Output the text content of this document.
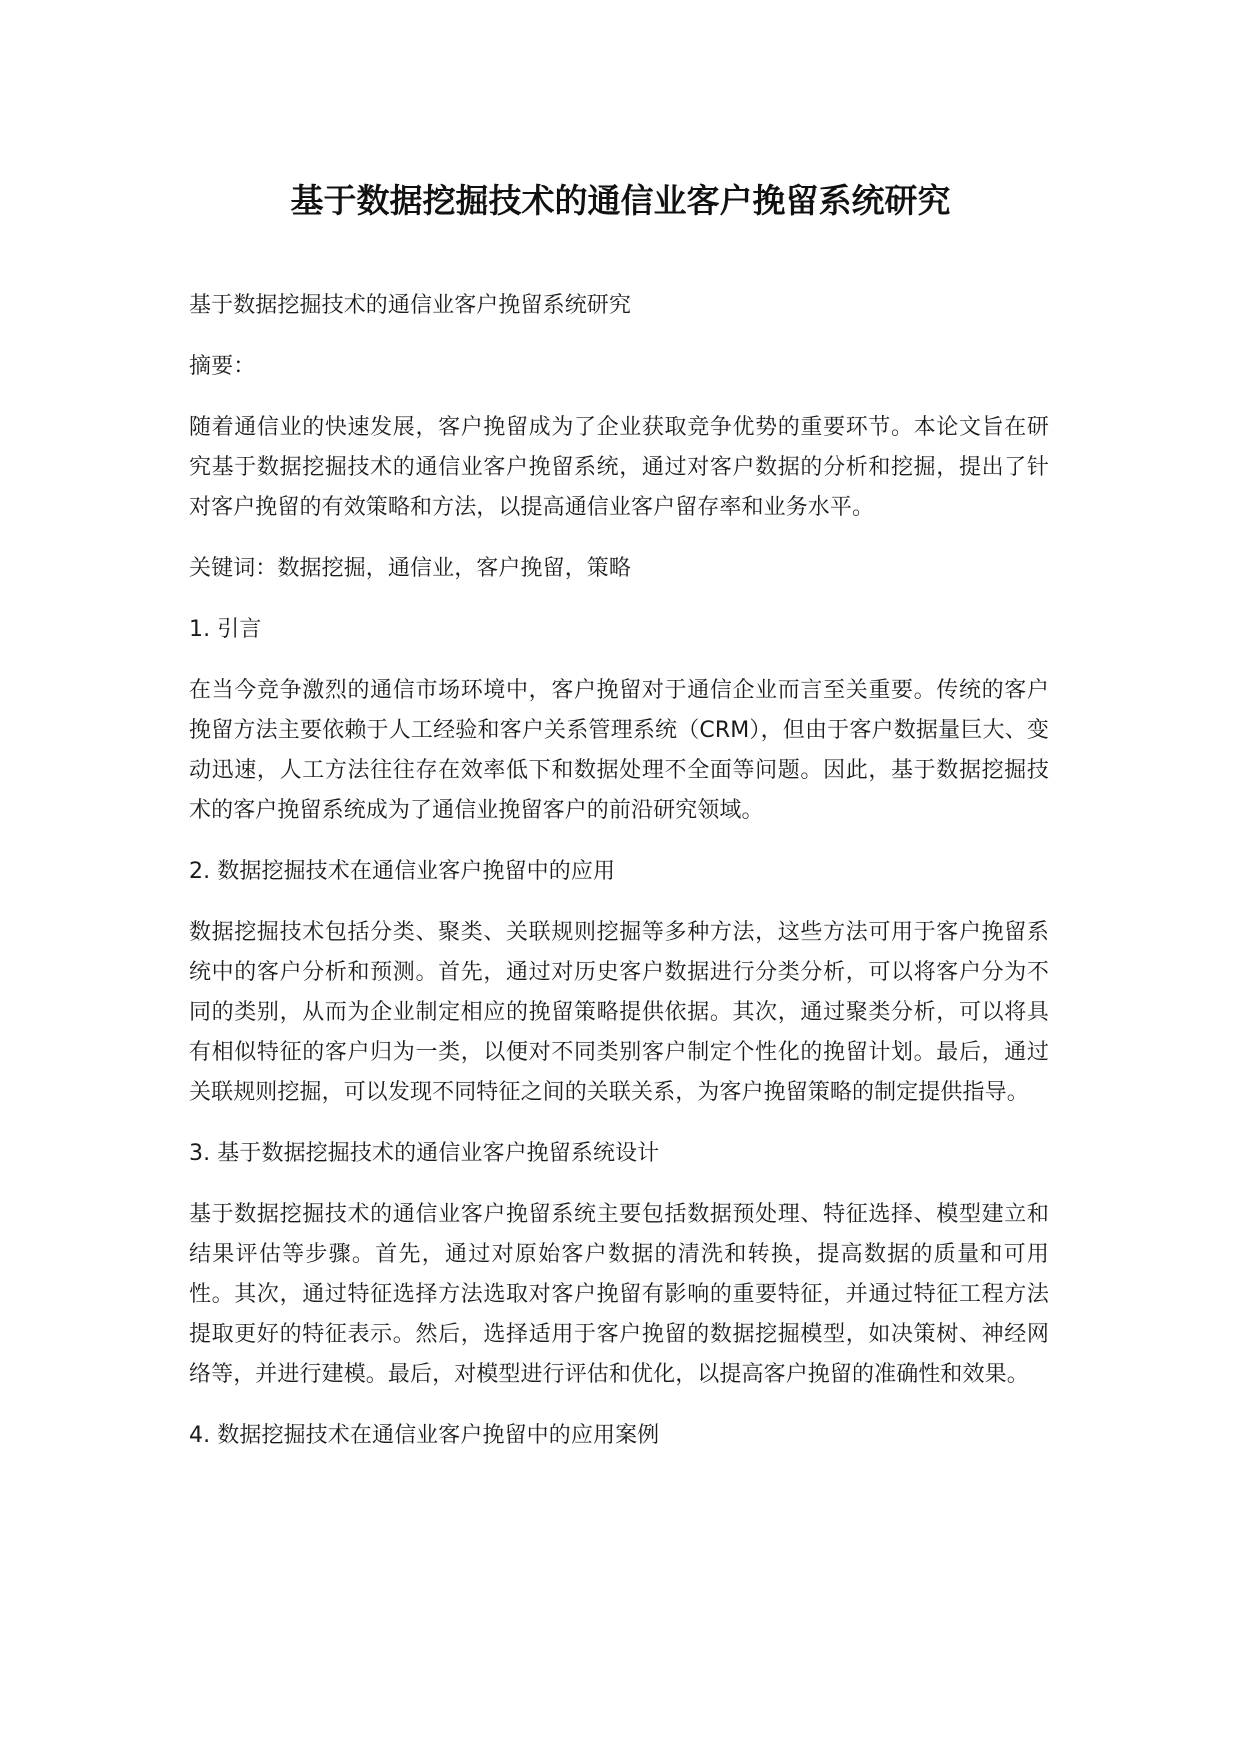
基于数据挖掘技术的通信业客户挽留系统研究

基于数据挖掘技术的通信业客户挽留系统研究

摘要：

随着通信业的快速发展，客户挽留成为了企业获取竞争优势的重要环节。本论文旨在研究基于数据挖掘技术的通信业客户挽留系统，通过对客户数据的分析和挖掘，提出了针对客户挽留的有效策略和方法，以提高通信业客户留存率和业务水平。

关键词：数据挖掘，通信业，客户挽留，策略

1. 引言

在当今竞争激烈的通信市场环境中，客户挽留对于通信企业而言至关重要。传统的客户挽留方法主要依赖于人工经验和客户关系管理系统（CRM），但由于客户数据量巨大、变动迅速，人工方法往往存在效率低下和数据处理不全面等问题。因此，基于数据挖掘技术的客户挽留系统成为了通信业挽留客户的前沿研究领域。

2. 数据挖掘技术在通信业客户挽留中的应用

数据挖掘技术包括分类、聚类、关联规则挖掘等多种方法，这些方法可用于客户挽留系统中的客户分析和预测。首先，通过对历史客户数据进行分类分析，可以将客户分为不同的类别，从而为企业制定相应的挽留策略提供依据。其次，通过聚类分析，可以将具有相似特征的客户归为一类，以便对不同类别客户制定个性化的挽留计划。最后，通过关联规则挖掘，可以发现不同特征之间的关联关系，为客户挽留策略的制定提供指导。

3. 基于数据挖掘技术的通信业客户挽留系统设计

基于数据挖掘技术的通信业客户挽留系统主要包括数据预处理、特征选择、模型建立和结果评估等步骤。首先，通过对原始客户数据的清洗和转换，提高数据的质量和可用性。其次，通过特征选择方法选取对客户挽留有影响的重要特征，并通过特征工程方法提取更好的特征表示。然后，选择适用于客户挽留的数据挖掘模型，如决策树、神经网络等，并进行建模。最后，对模型进行评估和优化，以提高客户挽留的准确性和效果。

4. 数据挖掘技术在通信业客户挽留中的应用案例
